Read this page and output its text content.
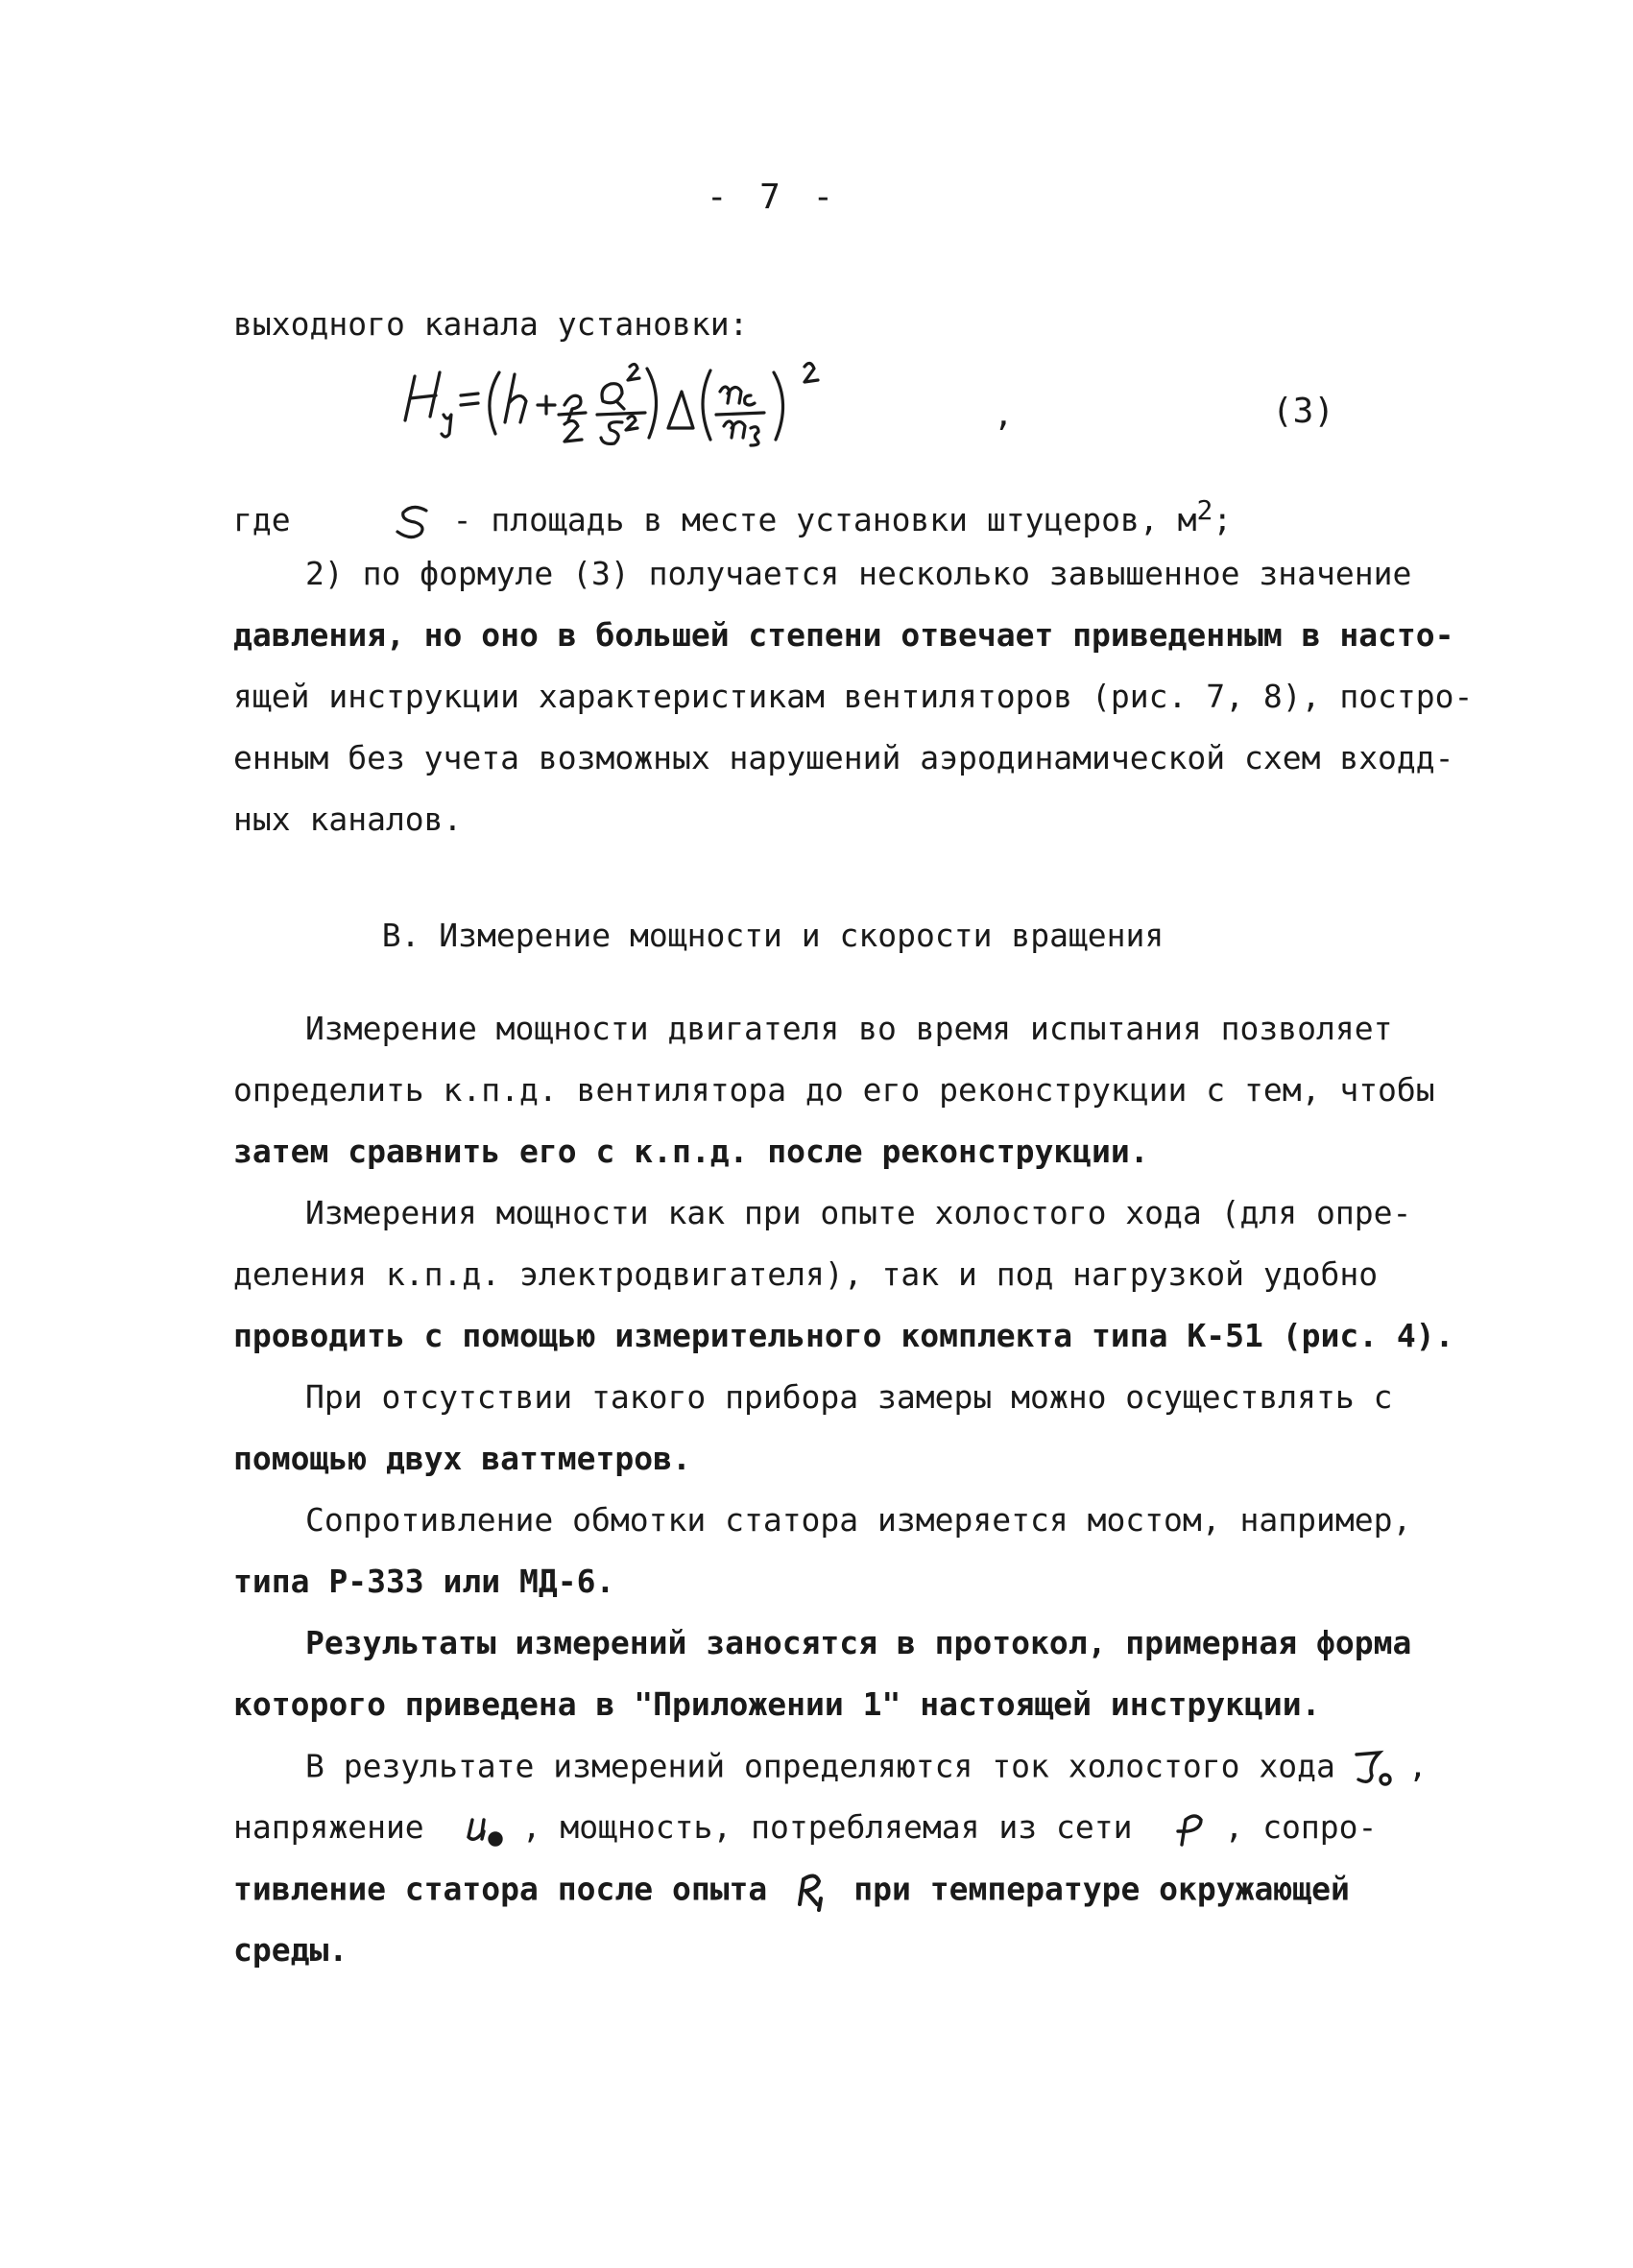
- 7 -
выходного канала установки:
,	(3)
где	- площадь в месте установки штуцеров, $м^2$;
2) по формуле (3) получается несколько завышенное значение
давления, но оно в большей степени отвечает приведенным в насто-
ящей инструкции характеристикам вентиляторов (рис. 7, 8), постро-
енным без учета возможных нарушений аэродинамической схем входд-
ных каналов.
В. Измерение мощности и скорости вращения
Измерение мощности двигателя во время испытания позволяет
определить к.п.д. вентилятора до его реконструкции с тем, чтобы
затем сравнить его с к.п.д. после реконструкции.
Измерения мощности как при опыте холостого хода (для опре-
деления к.п.д. электродвигателя), так и под нагрузкой удобно
проводить с помощью измерительного комплекта типа К-51 (рис. 4).
При отсутствии такого прибора замеры можно осуществлять с
помощью двух ваттметров.
Сопротивление обмотки статора измеряется мостом, например,
типа Р-333 или МД-6.
Результаты измерений заносятся в протокол, примерная форма
которого приведена в "Приложении 1" настоящей инструкции.
В результате измерений определяются ток холостого хода ,
напряжение	, мощность, потребляемая из сети	, сопро-
тивление статора после опыта	при температуре окружающей
среды.
